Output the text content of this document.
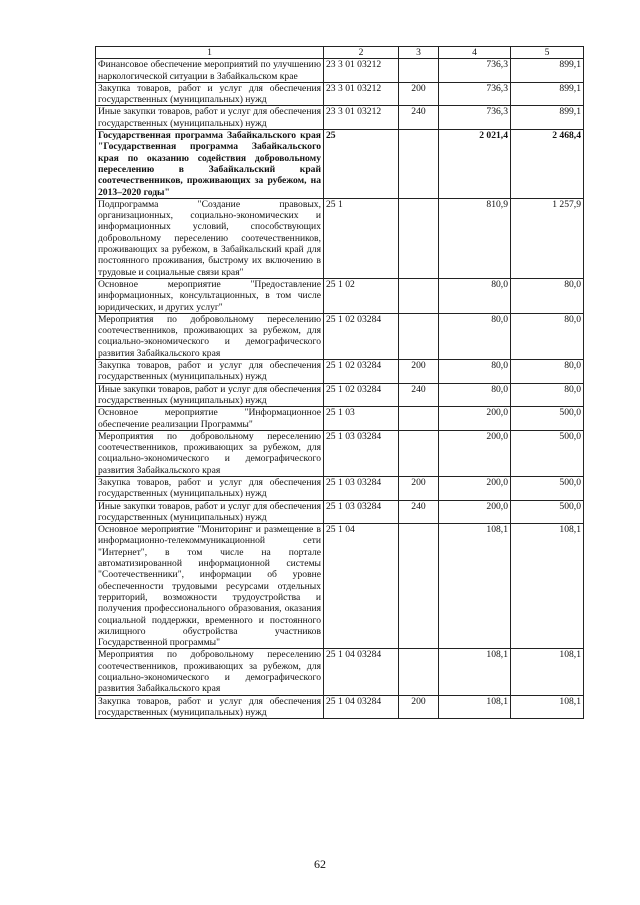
1	2	3	4	5
Финансовое обеспечение мероприятий по улучшению наркологической ситуации в Забайкальском крае	23 3 01 03212		736,3	899,1
Закупка товаров, работ и услуг для обеспечения государственных (муниципальных) нужд	23 3 01 03212	200	736,3	899,1
Иные закупки товаров, работ и услуг для обеспечения государственных (муниципальных) нужд	23 3 01 03212	240	736,3	899,1
Государственная программа Забайкальского края "Государственная программа Забайкальского края по оказанию содействия добровольному переселению в Забайкальский край соотечественников, проживающих за рубежом, на 2013–2020 годы"	25		2 021,4	2 468,4
Подпрограмма "Создание правовых, организационных, социально-экономических и информационных условий, способствующих добровольному переселению соотечественников, проживающих за рубежом, в Забайкальский край для постоянного проживания, быстрому их включению в трудовые и социальные связи края"	25 1		810,9	1 257,9
Основное мероприятие "Предоставление информационных, консультационных, в том числе юридических, и других услуг"	25 1 02		80,0	80,0
Мероприятия по добровольному переселению соотечественников, проживающих за рубежом, для социально-экономического и демографического развития Забайкальского края	25 1 02 03284		80,0	80,0
Закупка товаров, работ и услуг для обеспечения государственных (муниципальных) нужд	25 1 02 03284	200	80,0	80,0
Иные закупки товаров, работ и услуг для обеспечения государственных (муниципальных) нужд	25 1 02 03284	240	80,0	80,0
Основное мероприятие "Информационное обеспечение реализации Программы"	25 1 03		200,0	500,0
Мероприятия по добровольному переселению соотечественников, проживающих за рубежом, для социально-экономического и демографического развития Забайкальского края	25 1 03 03284		200,0	500,0
Закупка товаров, работ и услуг для обеспечения государственных (муниципальных) нужд	25 1 03 03284	200	200,0	500,0
Иные закупки товаров, работ и услуг для обеспечения государственных (муниципальных) нужд	25 1 03 03284	240	200,0	500,0
Основное мероприятие "Мониторинг и размещение в информационно-телекоммуникационной сети "Интернет", в том числе на портале автоматизированной информационной системы "Соотечественники", информации об уровне обеспеченности трудовыми ресурсами отдельных территорий, возможности трудоустройства и получения профессионального образования, оказания социальной поддержки, временного и постоянного жилищного обустройства участников Государственной программы"	25 1 04		108,1	108,1
Мероприятия по добровольному переселению соотечественников, проживающих за рубежом, для социально-экономического и демографического развития Забайкальского края	25 1 04 03284		108,1	108,1
Закупка товаров, работ и услуг для обеспечения государственных (муниципальных) нужд	25 1 04 03284	200	108,1	108,1
62
